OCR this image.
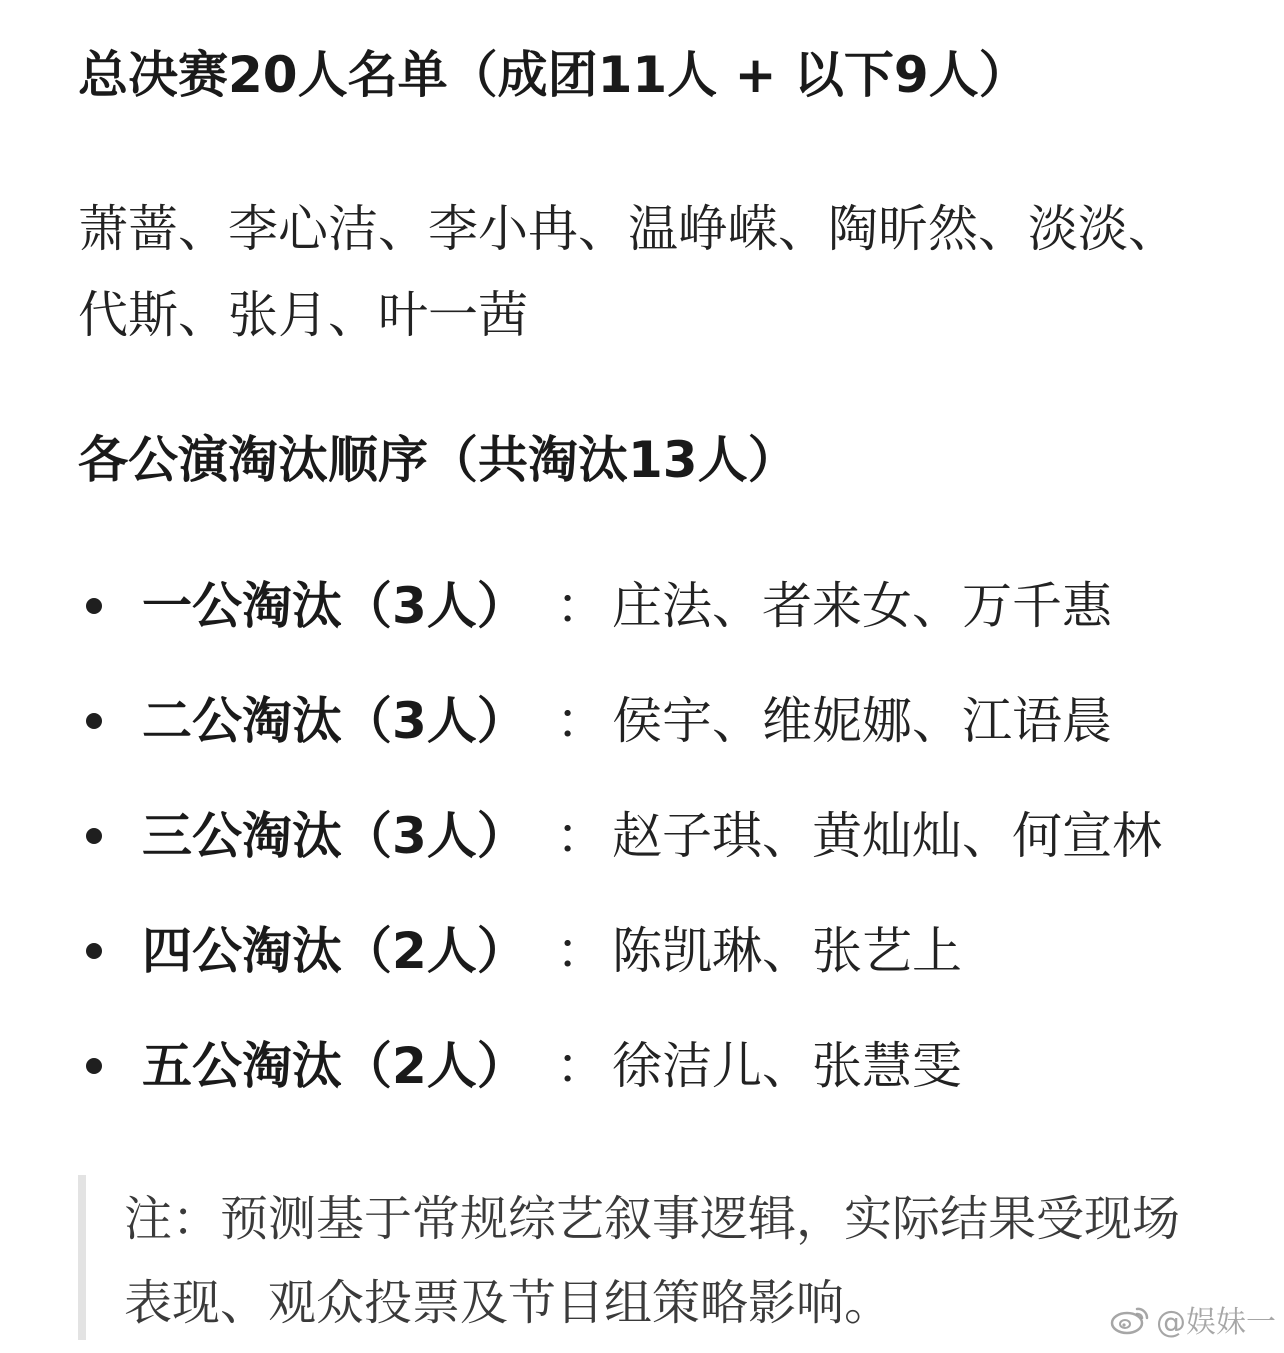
总决赛20人名单（成团11人 + 以下9人）
萧蔷、李心洁、李小冉、温峥嵘、陶昕然、淡淡、代斯、张月、叶一茜
各公演淘汰顺序（共淘汰13人）
一公淘汰（3人） ： 庄法、者来女、万千惠
二公淘汰（3人） ： 侯宇、维妮娜、江语晨
三公淘汰（3人） ： 赵子琪、黄灿灿、何宣林
四公淘汰（2人） ： 陈凯琳、张艺上
五公淘汰（2人） ： 徐洁儿、张慧雯
注：预测基于常规综艺叙事逻辑，实际结果受现场表现、观众投票及节目组策略影响。	@娱妹一
